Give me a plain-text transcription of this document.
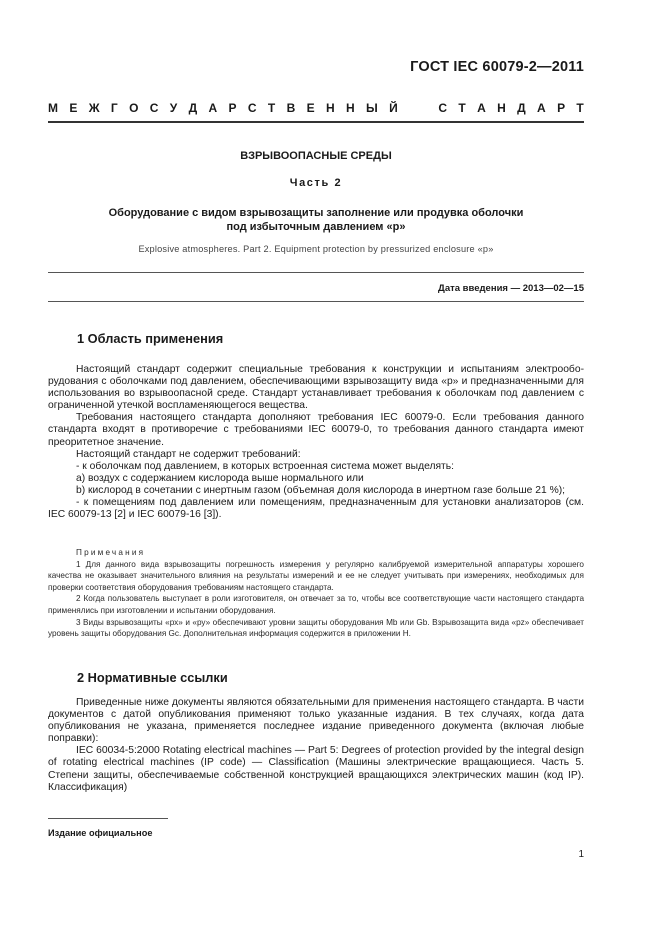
ГОСТ IEC 60079-2—2011
М Е Ж Г О С У Д А Р С Т В Е Н Н Ы Й

	С Т А Н Д А Р Т
ВЗРЫВООПАСНЫЕ СРЕДЫ
Часть 2
Оборудование с видом взрывозащиты заполнение или продувка оболочки
под избыточным давлением «р»
Explosive atmospheres. Part 2. Equipment protection by pressurized enclosure «р»
Дата введения — 2013—02—15
1 Область применения

Настоящий стандарт содержит специальные требования к конструкции и испытаниям электрооборудования с оболочками под давлением, обеспечивающими взрывозащиту вида «р» и предназначенными для использования во взрывоопасной среде. Стандарт устанавливает требования к оболочкам под давлением с ограниченной утечкой воспламеняющегося вещества.

Требования настоящего стандарта дополняют требования IEC 60079-0. Если требования данного стандарта входят в противоречие с требованиями IEC 60079-0, то требования данного стандарта имеют преоритетное значение.

Настоящий стандарт не содержит требований:

- к оболочкам под давлением, в которых встроенная система может выделять:

a) воздух с содержанием кислорода выше нормального или

b) кислород в сочетании с инертным газом (объемная доля кислорода в инертном газе больше 21 %);

- к помещениям под давлением или помещениям, предназначенным для установки анализаторов (см. IEC 60079-13 [2] и IEC 60079-16 [3]).

Примечания

1 Для данного вида взрывозащиты погрешность измерения у регулярно калибруемой измерительной аппаратуры хорошего качества не оказывает значительного влияния на результаты измерений и ее не следует учитывать при измерениях, необходимых для проверки соответствия оборудования требованиям настоящего стандарта.

2 Когда пользователь выступает в роли изготовителя, он отвечает за то, чтобы все соответствующие части настоящего стандарта применялись при изготовлении и испытании оборудования.

3 Виды взрывозащиты «рх» и «ру» обеспечивают уровни защиты оборудования Mb или Gb. Взрывозащита вида «pz» обеспечивает уровень защиты оборудования Gc. Дополнительная информация содержится в приложении H.

2 Нормативные ссылки

Приведенные ниже документы являются обязательными для применения настоящего стандарта. В части документов с датой опубликования применяют только указанные издания. В тех случаях, когда дата опубликования не указана, применяется последнее издание приведенного документа (включая любые поправки):

IEC 60034-5:2000 Rotating electrical machines — Part 5: Degrees of protection provided by the integral design of rotating electrical machines (IP code) — Classification (Машины электрические вращающиеся. Часть 5. Степени защиты, обеспечиваемые собственной конструкцией вращающихся электрических машин (код IP). Классификация)

Издание официальное
1
